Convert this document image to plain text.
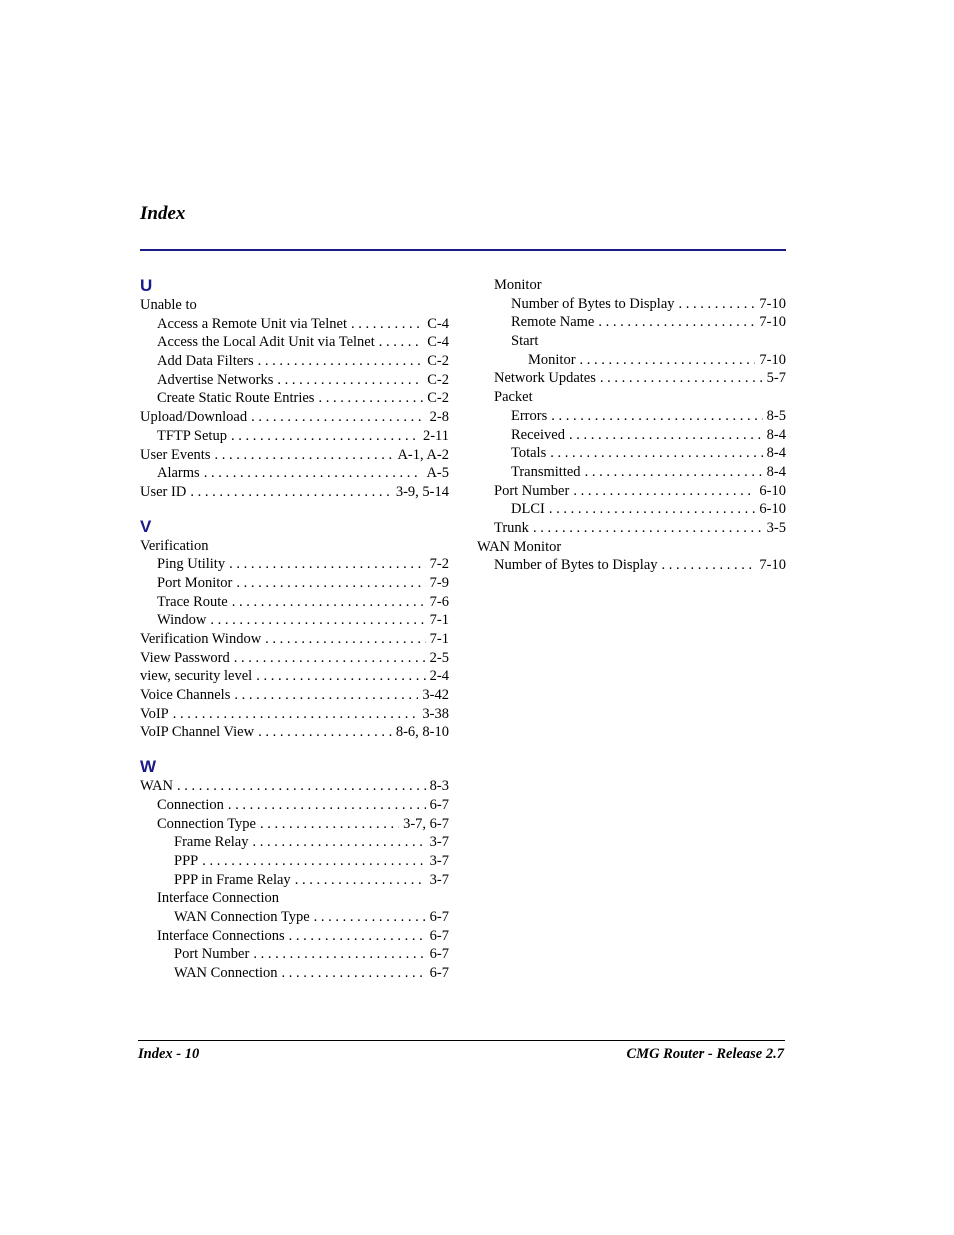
Index
U
Unable to
Access a Remote Unit via Telnet . . .	C-4
Access the Local Adit Unit via Telnet . . .	C-4
Add Data Filters . . .	C-2
Advertise Networks . . .	C-2
Create Static Route Entries . . .	C-2
Upload/Download . . .	2-8
TFTP Setup . . .	2-11
User Events . . .	A-1, A-2
Alarms . . .	A-5
User ID . . .	3-9, 5-14
V
Verification
Ping Utility . . .	7-2
Port Monitor . . .	7-9
Trace Route . . .	7-6
Window . . .	7-1
Verification Window . . .	7-1
View Password . . .	2-5
view, security level . . .	2-4
Voice Channels . . .	3-42
VoIP . . .	3-38
VoIP Channel View . . .	8-6, 8-10
W
WAN . . .	8-3
Connection . . .	6-7
Connection Type . . .	3-7, 6-7
Frame Relay . . .	3-7
PPP . . .	3-7
PPP in Frame Relay . . .	3-7
Interface Connection
WAN Connection Type . . .	6-7
Interface Connections . . .	6-7
Port Number . . .	6-7
WAN Connection . . .	6-7
Monitor
Number of Bytes to Display . . .	7-10
Remote Name . . .	7-10
Start
Monitor . . .	7-10
Network Updates . . .	5-7
Packet
Errors . . .	8-5
Received . . .	8-4
Totals . . .	8-4
Transmitted . . .	8-4
Port Number . . .	6-10
DLCI . . .	6-10
Trunk . . .	3-5
WAN Monitor
Number of Bytes to Display . . .	7-10
Index - 10	CMG Router - Release 2.7
